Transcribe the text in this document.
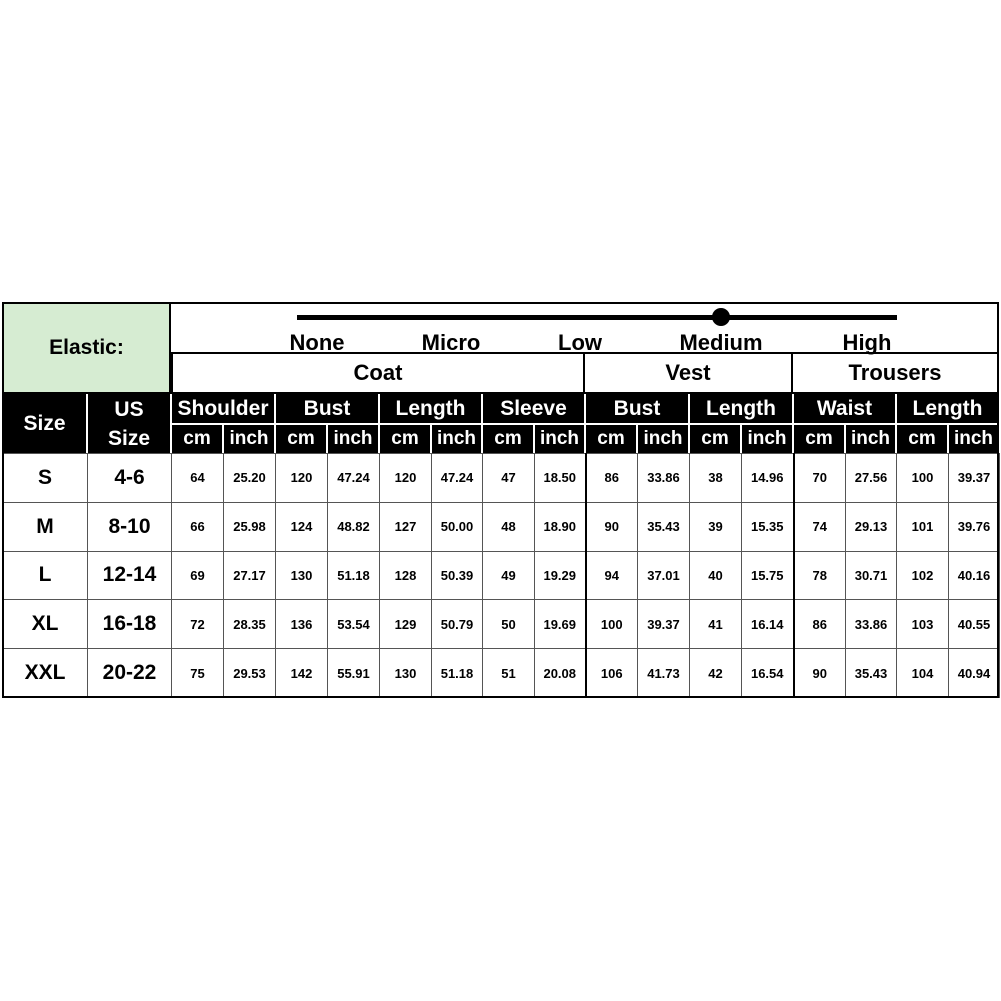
Elastic:	None	Micro	Low	Medium	High
Coat	Vest	Trousers
Size
US
Size
Shoulder	Bust	Length	Sleeve	Bust	Length	Waist	Length
cm inch cm inch cm inch cm inch cm inch cm inch cm inch cm inch
S	4-6	64	25.20	120	47.24	120	47.24	47	18.50	86	33.86	38	14.96	70	27.56	100	39.37
M	8-10	66	25.98	124	48.82	127	50.00	48	18.90	90	35.43	39	15.35	74	29.13	101	39.76
L	12-14	69	27.17	130	51.18	128	50.39	49	19.29	94	37.01	40	15.75	78	30.71	102	40.16
XL	16-18	72	28.35	136	53.54	129	50.79	50	19.69	100	39.37	41	16.14	86	33.86	103	40.55
XXL	20-22	75	29.53	142	55.91	130	51.18	51	20.08	106	41.73	42	16.54	90	35.43	104	40.94
